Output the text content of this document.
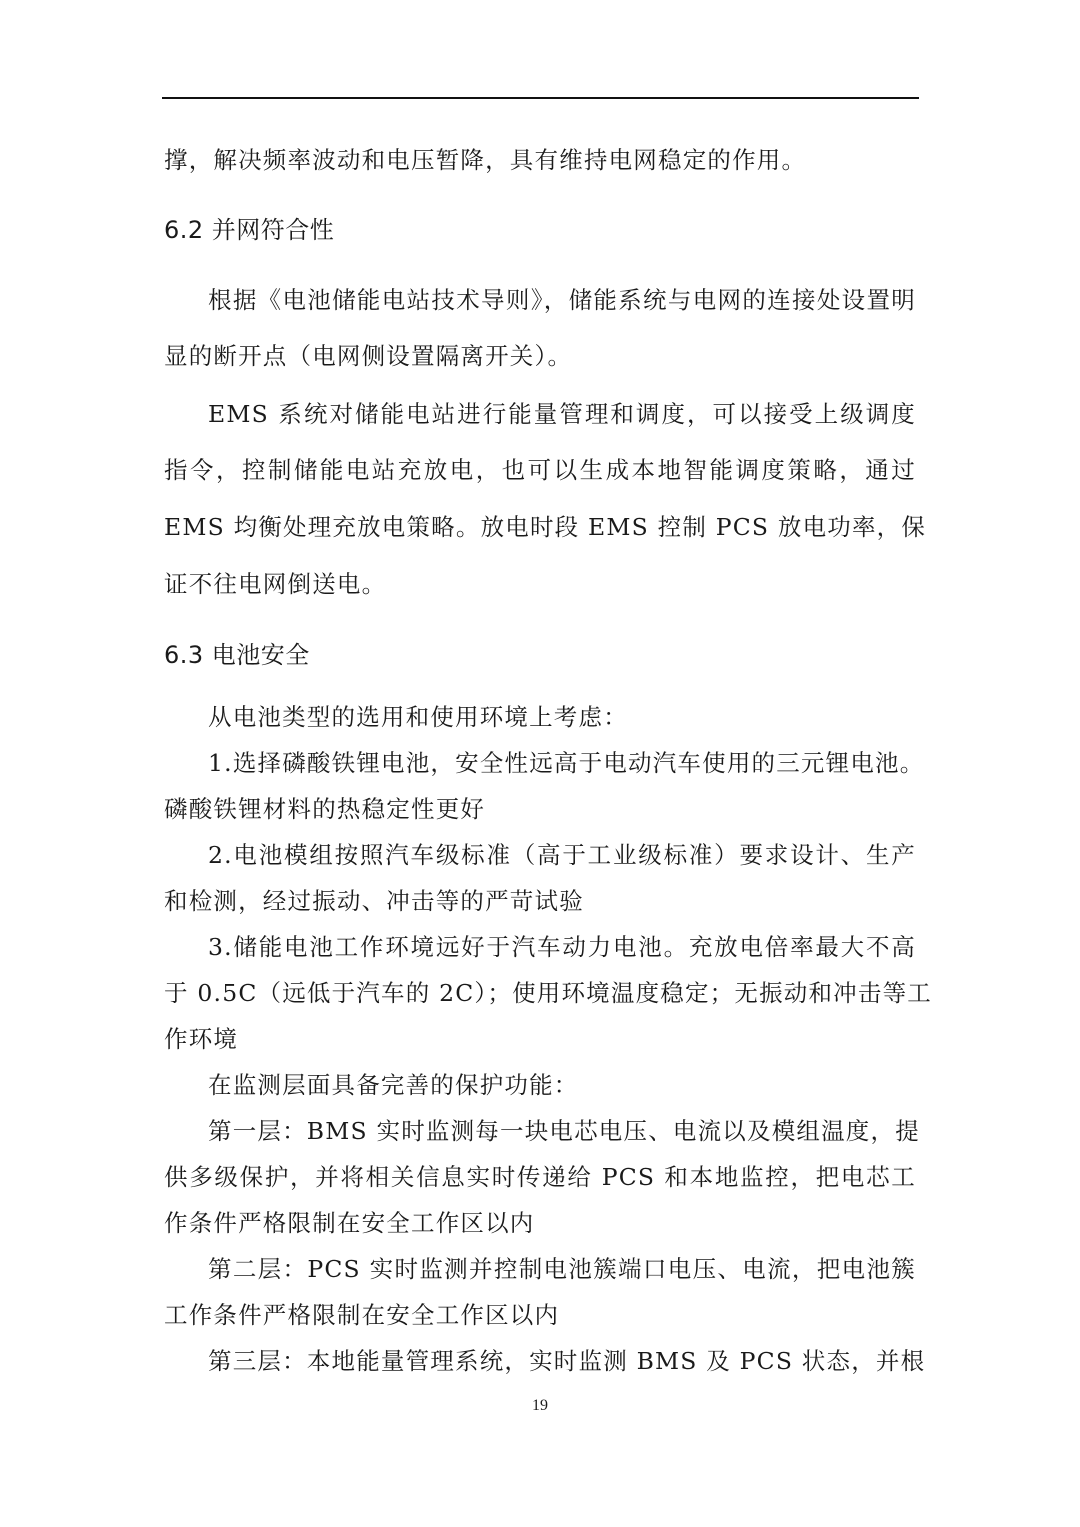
撑，解决频率波动和电压暂降，具有维持电网稳定的作用。
6.2 并网符合性
根据《电池储能电站技术导则》，储能系统与电网的连接处设置明
显的断开点（电网侧设置隔离开关）。
EMS 系统对储能电站进行能量管理和调度，可以接受上级调度
指令，控制储能电站充放电，也可以生成本地智能调度策略，通过
EMS 均衡处理充放电策略。放电时段 EMS 控制 PCS 放电功率，保
证不往电网倒送电。
6.3 电池安全
从电池类型的选用和使用环境上考虑：
1.选择磷酸铁锂电池，安全性远高于电动汽车使用的三元锂电池。
磷酸铁锂材料的热稳定性更好
2.电池模组按照汽车级标准（高于工业级标准）要求设计、生产
和检测，经过振动、冲击等的严苛试验
3.储能电池工作环境远好于汽车动力电池。充放电倍率最大不高
于 0.5C（远低于汽车的 2C）；使用环境温度稳定；无振动和冲击等工
作环境
在监测层面具备完善的保护功能：
第一层：BMS 实时监测每一块电芯电压、电流以及模组温度，提
供多级保护，并将相关信息实时传递给 PCS 和本地监控，把电芯工
作条件严格限制在安全工作区以内
第二层：PCS 实时监测并控制电池簇端口电压、电流，把电池簇
工作条件严格限制在安全工作区以内
第三层：本地能量管理系统，实时监测 BMS 及 PCS 状态，并根
19
